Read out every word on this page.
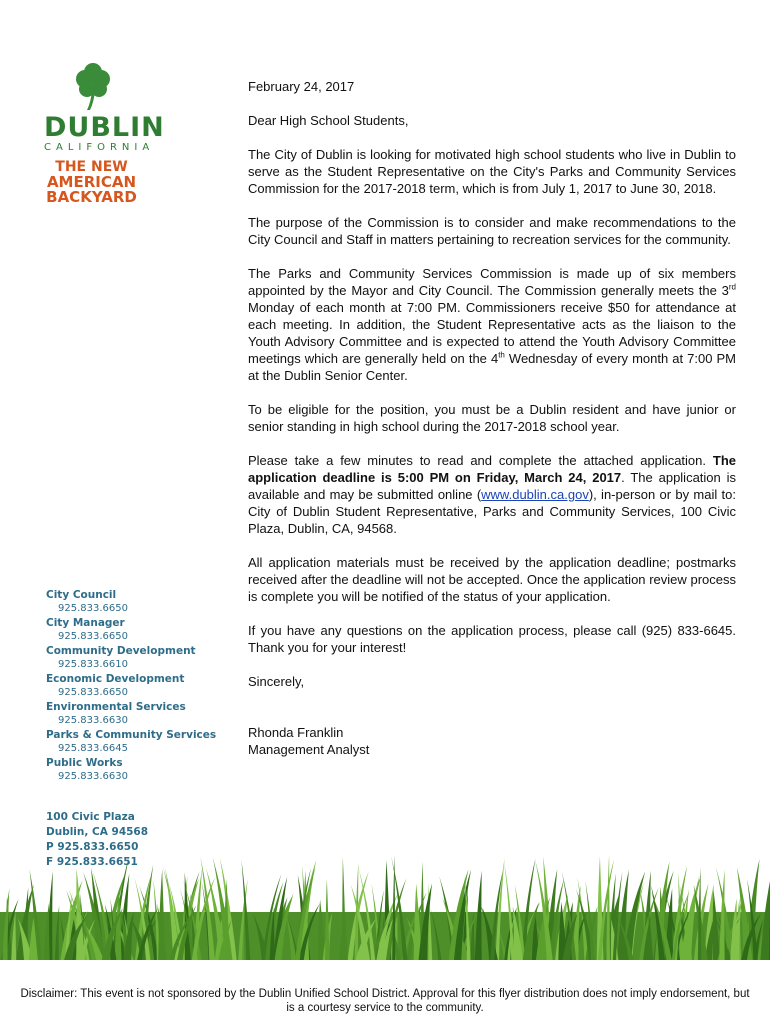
DUBLIN
CALIFORNIA
THE NEW
AMERICAN
BACKYARD
City Council
925.833.6650
City Manager
925.833.6650
Community Development
925.833.6610
Economic Development
925.833.6650
Environmental Services
925.833.6630
Parks & Community Services
925.833.6645
Public Works
925.833.6630
100 Civic Plaza
Dublin, CA 94568
P 925.833.6650
F 925.833.6651

February 24, 2017

Dear High School Students,

The City of Dublin is looking for motivated high school students who live in Dublin to serve as the Student Representative on the City's Parks and Community Services Commission for the 2017-2018 term, which is from July 1, 2017 to June 30, 2018.

The purpose of the Commission is to consider and make recommendations to the City Council and Staff in matters pertaining to recreation services for the community.

The Parks and Community Services Commission is made up of six members appointed by the Mayor and City Council. The Commission generally meets the 3rd Monday of each month at 7:00 PM. Commissioners receive $50 for attendance at each meeting. In addition, the Student Representative acts as the liaison to the Youth Advisory Committee and is expected to attend the Youth Advisory Committee meetings which are generally held on the 4th Wednesday of every month at 7:00 PM at the Dublin Senior Center.

To be eligible for the position, you must be a Dublin resident and have junior or senior standing in high school during the 2017-2018 school year.

Please take a few minutes to read and complete the attached application. The application deadline is 5:00 PM on Friday, March 24, 2017. The application is available and may be submitted online (www.dublin.ca.gov), in-person or by mail to: City of Dublin Student Representative, Parks and Community Services, 100 Civic Plaza, Dublin, CA, 94568.

All application materials must be received by the application deadline; postmarks received after the deadline will not be accepted. Once the application review process is complete you will be notified of the status of your application.

If you have any questions on the application process, please call (925) 833-6645. Thank you for your interest!

Sincerely,

Rhonda Franklin

Management Analyst

Disclaimer: This event is not sponsored by the Dublin Unified School District. Approval for this flyer distribution does not imply endorsement, but is a courtesy service to the community.
